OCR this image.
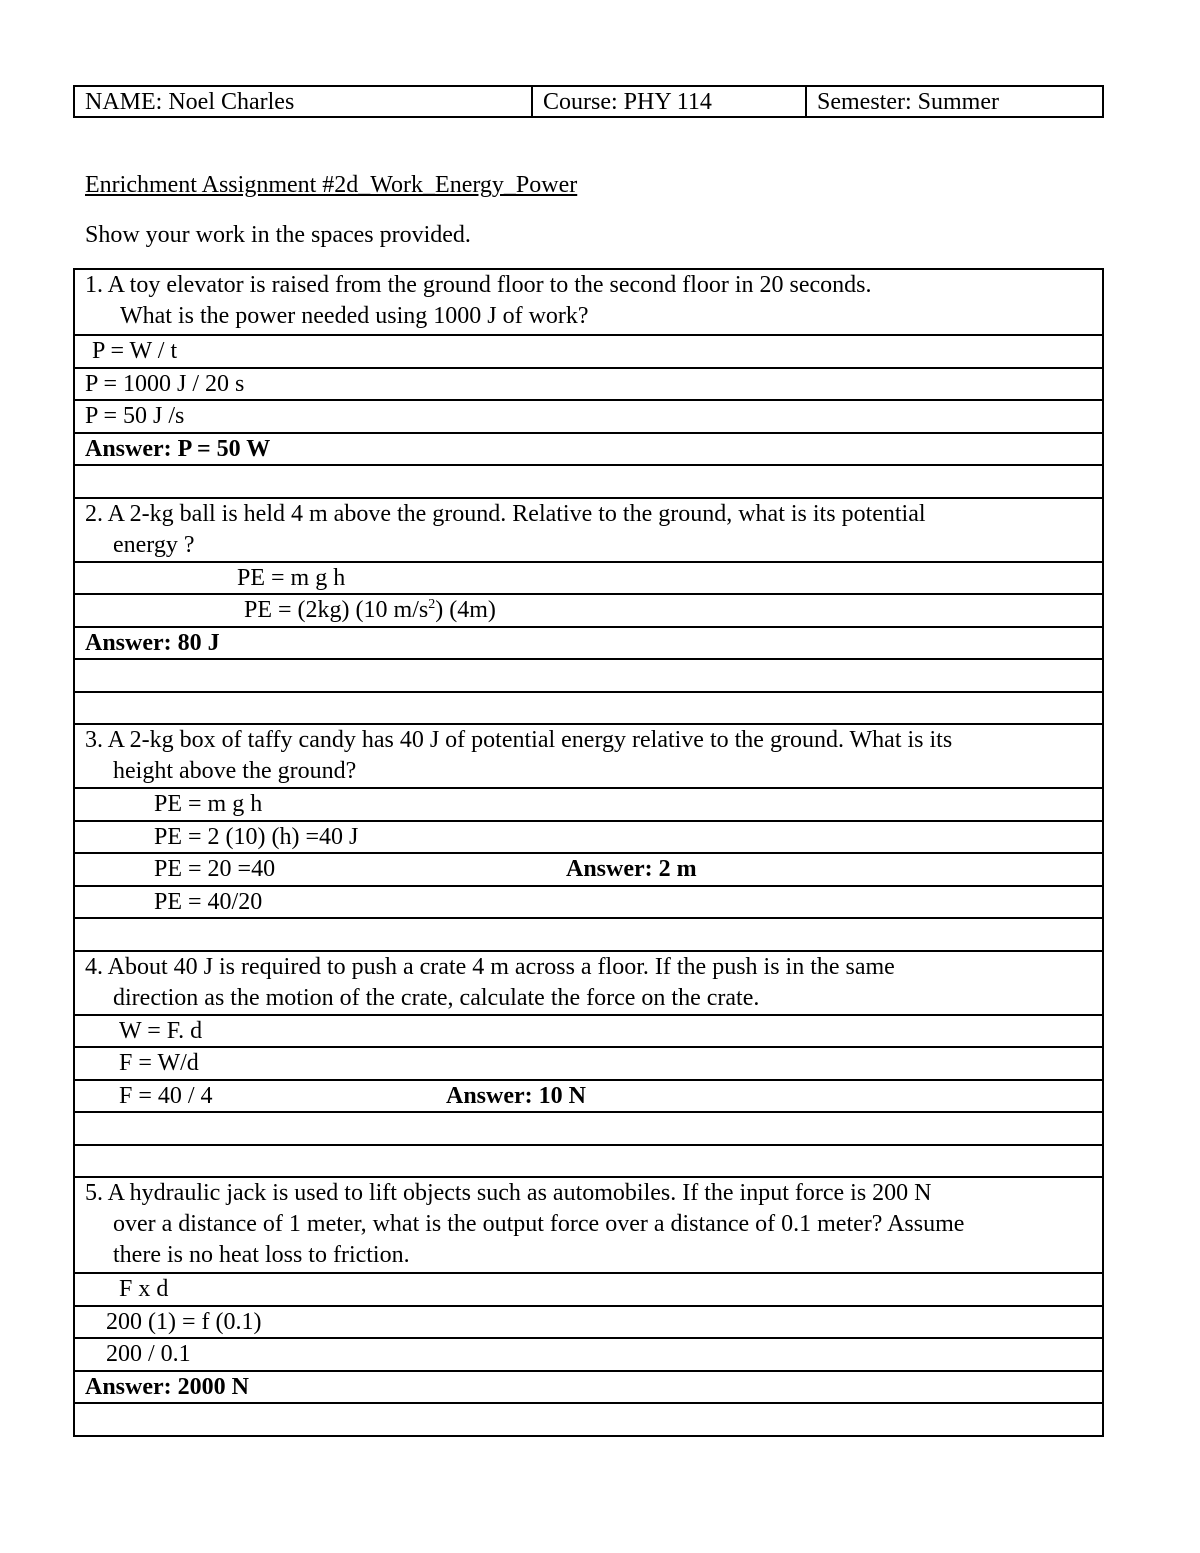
NAME: Noel Charles	Course: PHY 114	Semester: Summer
Enrichment Assignment #2d_Work_Energy_Power
Show your work in the spaces provided.
1. A toy elevator is raised from the ground floor to the second floor in 20 seconds.
What is the power needed using 1000 J of work?
P = W / t
P = 1000 J / 20 s
P = 50 J /s
Answer: P = 50 W
2. A 2-kg ball is held 4 m above the ground. Relative to the ground, what is its potential
energy ?
PE = m g h
PE = (2kg) (10 $m/s^2$) (4m)
Answer: 80 J
3. A 2-kg box of taffy candy has 40 J of potential energy relative to the ground. What is its
height above the ground?
PE = m g h
PE = 2 (10) (h) =40 J
PE = 20 =40	Answer: 2 m
PE = 40/20
4. About 40 J is required to push a crate 4 m across a floor. If the push is in the same
direction as the motion of the crate, calculate the force on the crate.
W = F. d
F = W/d
F = 40 / 4	Answer: 10 N
5. A hydraulic jack is used to lift objects such as automobiles. If the input force is 200 N
over a distance of 1 meter, what is the output force over a distance of 0.1 meter? Assume
there is no heat loss to friction.
F x d
200 (1) = f (0.1)
200 / 0.1
Answer: 2000 N
